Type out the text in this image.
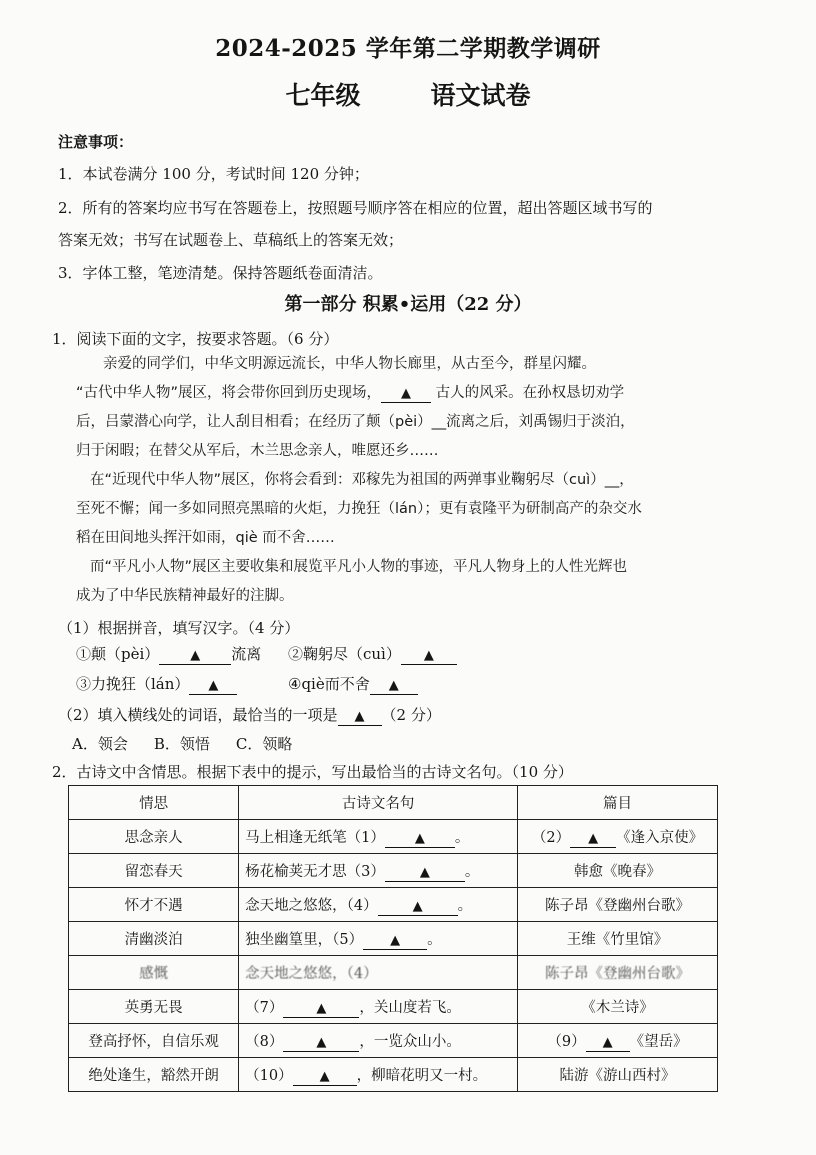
2024-2025 学年第二学期教学调研
七年级	语文试卷
注意事项：
1．本试卷满分 100 分，考试时间 120 分钟；
2．所有的答案均应书写在答题卷上，按照题号顺序答在相应的位置，超出答题区域书写的
答案无效；书写在试题卷上、草稿纸上的答案无效；
3．字体工整，笔迹清楚。保持答题纸卷面清洁。
第一部分 积累•运用（22 分）
1．阅读下面的文字，按要求答题。（6 分）
亲爱的同学们，中华文明源远流长，中华人物长廊里，从古至今，群星闪耀。
“古代中华人物”展区，将会带你回到历史现场， ▲ 古人的风采。在孙权恳切劝学
后，吕蒙潜心向学，让人刮目相看；在经历了颠（pèi）__流离之后，刘禹锡归于淡泊，
归于闲暇；在替父从军后，木兰思念亲人，唯愿还乡……
在“近现代中华人物”展区，你将会看到：邓稼先为祖国的两弹事业鞠躬尽（cuì）__，
至死不懈；闻一多如同照亮黑暗的火炬，力挽狂（lán）；更有袁隆平为研制高产的杂交水
稻在田间地头挥汗如雨，qiè 而不舍……
而“平凡小人物”展区主要收集和展览平凡小人物的事迹，平凡人物身上的人性光辉也
成为了中华民族精神最好的注脚。
（1）根据拼音，填写汉字。（4 分）
①颠（pèi） ▲ 流离 ②鞠躬尽（cuì） ▲
③力挽狂（lán） ▲	④qiè而不舍 ▲
（2）填入横线处的词语，最恰当的一项是 ▲ （2 分）
A．领会 B．领悟 C．领略
2．古诗文中含情思。根据下表中的提示，写出最恰当的古诗文名句。（10 分）
情思	古诗文名句	篇目
思念亲人	马上相逢无纸笔（1） ▲ 。	（2） ▲ 《逢入京使》
留恋春天	杨花榆荚无才思（3） ▲ 。	韩愈《晚春》
怀才不遇	念天地之悠悠，（4） ▲ 。	陈子昂《登幽州台歌》
清幽淡泊	独坐幽篁里，（5） ▲ 。	王维《竹里馆》
感慨	念天地之悠悠，（4）	陈子昂《登幽州台歌》
英勇无畏	（7） ▲ ，关山度若飞。	《木兰诗》
登高抒怀，自信乐观	（8） ▲ ，一览众山小。	（9） ▲ 《望岳》
绝处逢生，豁然开朗	（10） ▲ ，柳暗花明又一村。	陆游《游山西村》
